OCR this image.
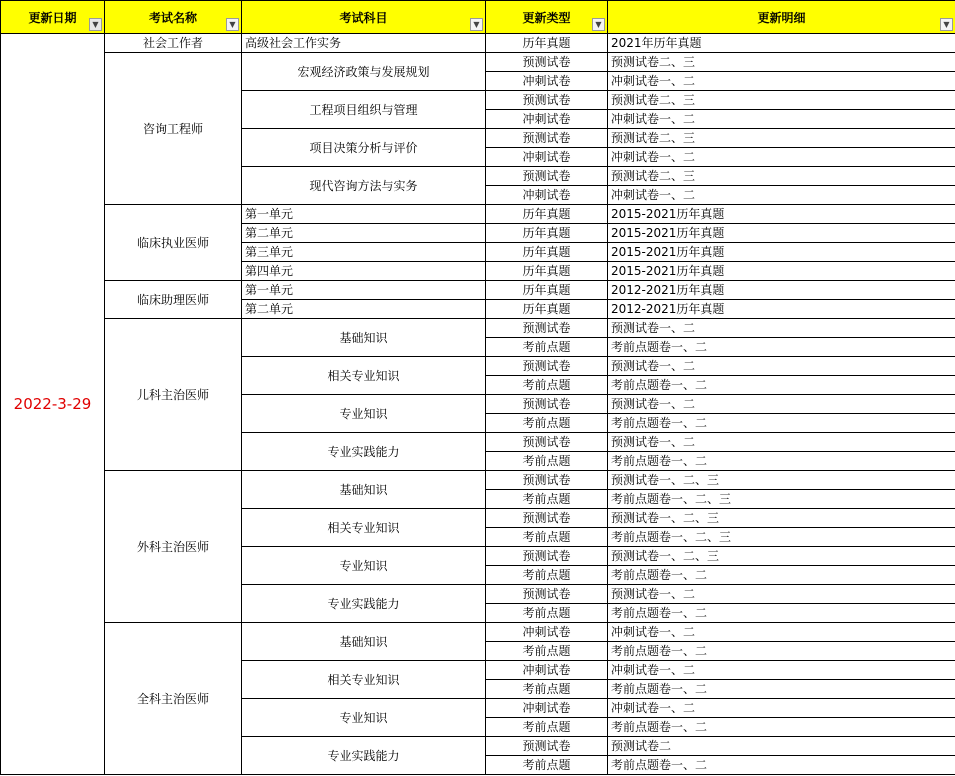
更新日期 ▼	考试名称 ▼	考试科目 ▼	更新类型 ▼	更新明细 ▼

2022-3-29	社会工作者	高级社会工作实务	历年真题	2021年历年真题
	咨询工程师	宏观经济政策与发展规划	预测试卷	预测试卷二、三
			冲刺试卷	冲刺试卷一、二
		工程项目组织与管理	预测试卷	预测试卷二、三
			冲刺试卷	冲刺试卷一、二
		项目决策分析与评价	预测试卷	预测试卷二、三
			冲刺试卷	冲刺试卷一、二
		现代咨询方法与实务	预测试卷	预测试卷二、三
			冲刺试卷	冲刺试卷一、二
	临床执业医师	第一单元	历年真题	2015-2021历年真题
		第二单元	历年真题	2015-2021历年真题
		第三单元	历年真题	2015-2021历年真题
		第四单元	历年真题	2015-2021历年真题
	临床助理医师	第一单元	历年真题	2012-2021历年真题
		第二单元	历年真题	2012-2021历年真题
	儿科主治医师	基础知识	预测试卷	预测试卷一、二
			考前点题	考前点题卷一、二
		相关专业知识	预测试卷	预测试卷一、二
			考前点题	考前点题卷一、二
		专业知识	预测试卷	预测试卷一、二
			考前点题	考前点题卷一、二
		专业实践能力	预测试卷	预测试卷一、二
			考前点题	考前点题卷一、二
	外科主治医师	基础知识	预测试卷	预测试卷一、二、三
			考前点题	考前点题卷一、二、三
		相关专业知识	预测试卷	预测试卷一、二、三
			考前点题	考前点题卷一、二、三
		专业知识	预测试卷	预测试卷一、二、三
			考前点题	考前点题卷一、二
		专业实践能力	预测试卷	预测试卷一、二
			考前点题	考前点题卷一、二
	全科主治医师	基础知识	冲刺试卷	冲刺试卷一、二
			考前点题	考前点题卷一、二
		相关专业知识	冲刺试卷	冲刺试卷一、二
			考前点题	考前点题卷一、二
		专业知识	冲刺试卷	冲刺试卷一、二
			考前点题	考前点题卷一、二
		专业实践能力	预测试卷	预测试卷二
			考前点题	考前点题卷一、二
